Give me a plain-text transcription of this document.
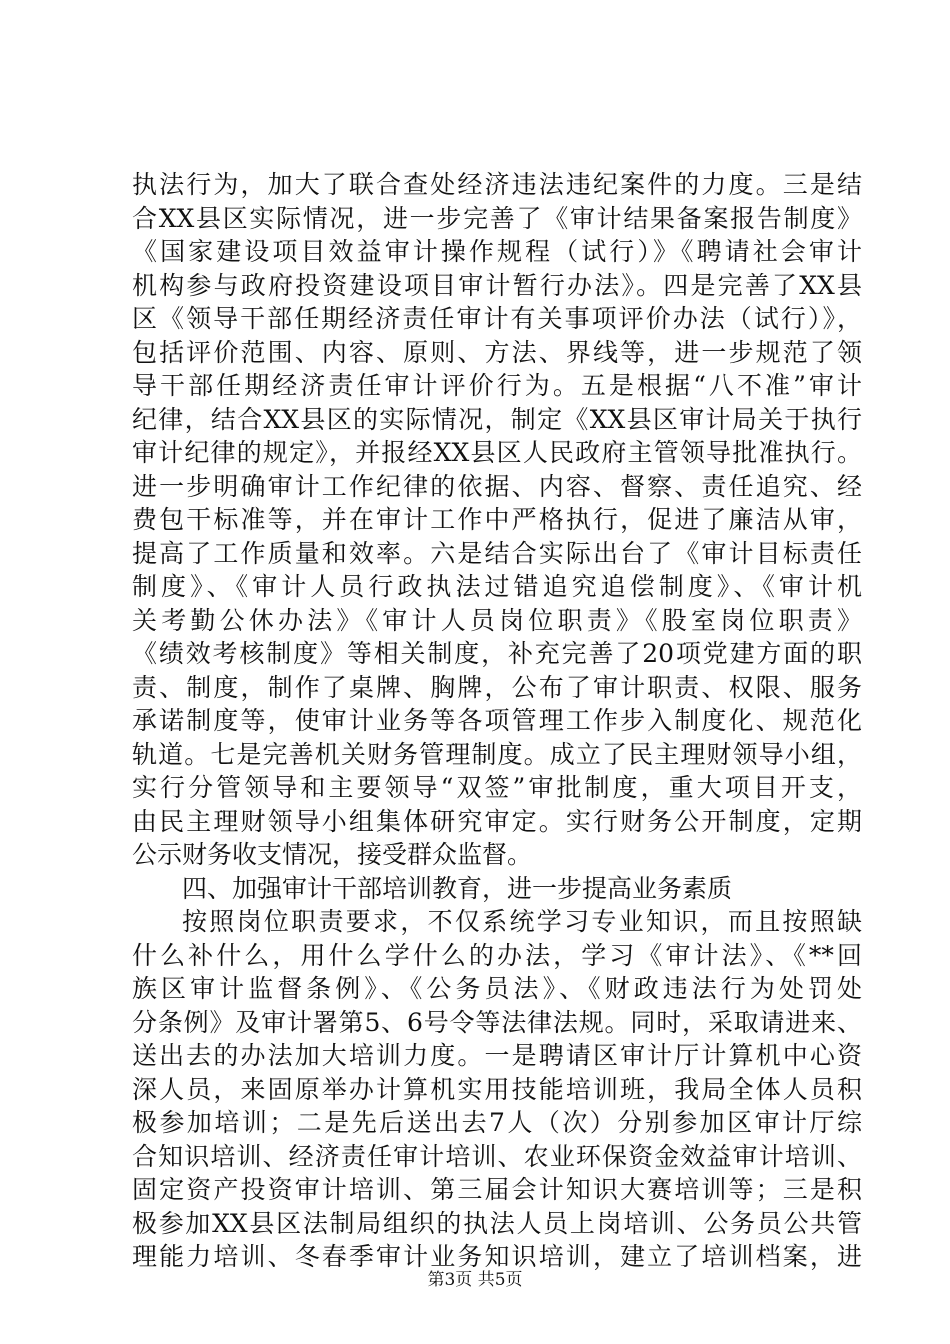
执法行为，加大了联合查处经济违法违纪案件的力度。三是结
合XX县区实际情况，进一步完善了《审计结果备案报告制度》
《国家建设项目效益审计操作规程（试行）》《聘请社会审计
机构参与政府投资建设项目审计暂行办法》。四是完善了XX县
区《领导干部任期经济责任审计有关事项评价办法（试行）》，
包括评价范围、内容、原则、方法、界线等，进一步规范了领
导干部任期经济责任审计评价行为。五是根据“八不准”审计
纪律，结合XX县区的实际情况，制定《XX县区审计局关于执行
审计纪律的规定》，并报经XX县区人民政府主管领导批准执行。
进一步明确审计工作纪律的依据、内容、督察、责任追究、经
费包干标准等，并在审计工作中严格执行，促进了廉洁从审，
提高了工作质量和效率。六是结合实际出台了《审计目标责任
制度》、《审计人员行政执法过错追究追偿制度》、《审计机
关考勤公休办法》《审计人员岗位职责》《股室岗位职责》
《绩效考核制度》等相关制度，补充完善了20项党建方面的职
责、制度，制作了桌牌、胸牌，公布了审计职责、权限、服务
承诺制度等，使审计业务等各项管理工作步入制度化、规范化
轨道。七是完善机关财务管理制度。成立了民主理财领导小组，
实行分管领导和主要领导“双签”审批制度，重大项目开支，
由民主理财领导小组集体研究审定。实行财务公开制度，定期
公示财务收支情况，接受群众监督。
四、加强审计干部培训教育，进一步提高业务素质
按照岗位职责要求，不仅系统学习专业知识，而且按照缺
什么补什么，用什么学什么的办法，学习《审计法》、《**回
族区审计监督条例》、《公务员法》、《财政违法行为处罚处
分条例》及审计署第5、6号令等法律法规。同时，采取请进来、
送出去的办法加大培训力度。一是聘请区审计厅计算机中心资
深人员，来固原举办计算机实用技能培训班，我局全体人员积
极参加培训；二是先后送出去7人（次）分别参加区审计厅综
合知识培训、经济责任审计培训、农业环保资金效益审计培训、
固定资产投资审计培训、第三届会计知识大赛培训等；三是积
极参加XX县区法制局组织的执法人员上岗培训、公务员公共管
理能力培训、冬春季审计业务知识培训，建立了培训档案，进
第3页 共5页
